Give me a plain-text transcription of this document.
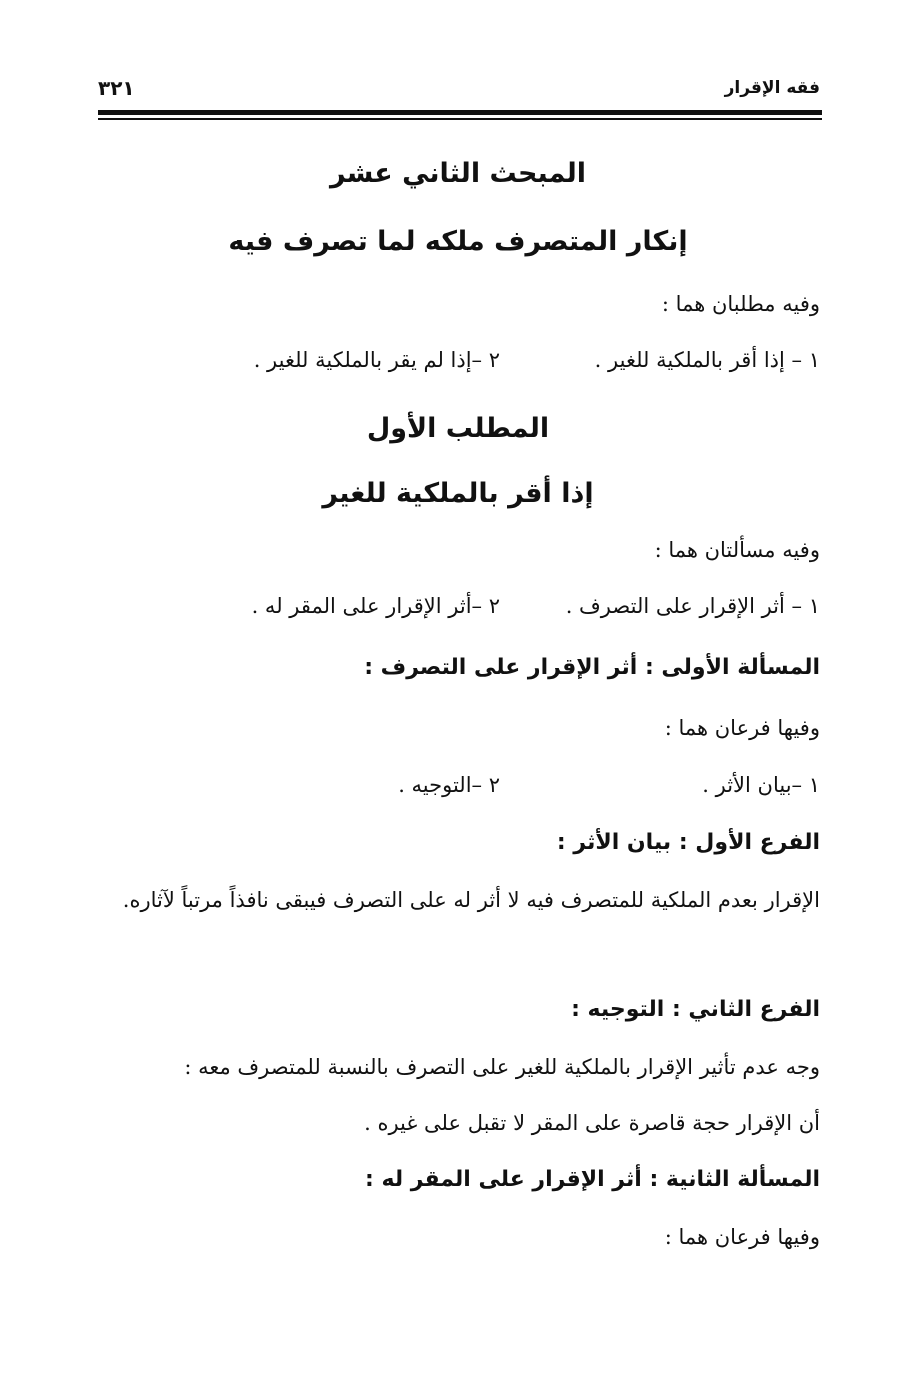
فقه الإقرار
٣٢١
المبحث الثاني عشر
إنكار المتصرف ملكه لما تصرف فيه
وفيه مطلبان هما :
١ – إذا أقر بالملكية للغير .
٢ –إذا لم يقر بالملكية للغير .
المطلب الأول
إذا أقر بالملكية للغير
وفيه مسألتان هما :
١ – أثر الإقرار على التصرف .
٢ –أثر الإقرار على المقر له .
المسألة الأولى : أثر الإقرار على التصرف :
وفيها فرعان هما :
١ –بيان الأثر .
٢ –التوجيه .
الفرع الأول : بيان الأثر :
الإقرار بعدم الملكية للمتصرف فيه لا أثر له على التصرف فيبقى نافذاً مرتباً لآثاره.
الفرع الثاني : التوجيه :
وجه عدم تأثير الإقرار بالملكية للغير على التصرف بالنسبة للمتصرف معه :
أن الإقرار حجة قاصرة على المقر لا تقبل على غيره .
المسألة الثانية : أثر الإقرار على المقر له :
وفيها فرعان هما :
